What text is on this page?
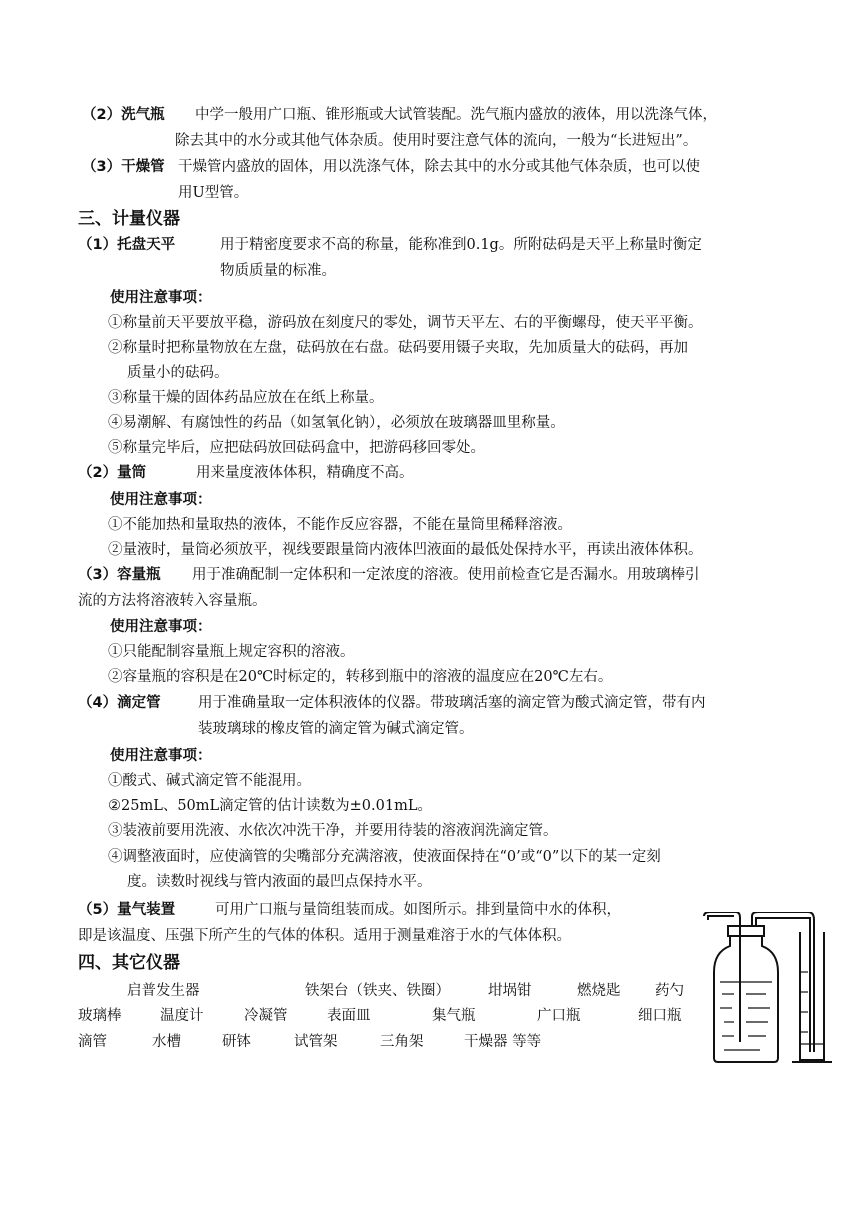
（2）洗气瓶 中学一般用广口瓶、锥形瓶或大试管装配。洗气瓶内盛放的液体，用以洗涤气体，
除去其中的水分或其他气体杂质。使用时要注意气体的流向，一般为“长进短出”。
（3）干燥管 干燥管内盛放的固体，用以洗涤气体，除去其中的水分或其他气体杂质，也可以使
用U型管。
三、计量仪器
（1）托盘天平	用于精密度要求不高的称量，能称准到0.1g。所附砝码是天平上称量时衡定
物质质量的标准。
使用注意事项：
①称量前天平要放平稳，游码放在刻度尺的零处，调节天平左、右的平衡螺母，使天平平衡。
②称量时把称量物放在左盘，砝码放在右盘。砝码要用镊子夹取，先加质量大的砝码，再加
质量小的砝码。
③称量干燥的固体药品应放在在纸上称量。
④易潮解、有腐蚀性的药品（如氢氧化钠），必须放在玻璃器皿里称量。
⑤称量完毕后，应把砝码放回砝码盒中，把游码移回零处。
（2）量筒	用来量度液体体积，精确度不高。
使用注意事项：
①不能加热和量取热的液体，不能作反应容器，不能在量筒里稀释溶液。
②量液时，量筒必须放平，视线要跟量筒内液体凹液面的最低处保持水平，再读出液体体积。
（3）容量瓶 用于准确配制一定体积和一定浓度的溶液。使用前检查它是否漏水。用玻璃棒引
流的方法将溶液转入容量瓶。
使用注意事项：
①只能配制容量瓶上规定容积的溶液。
②容量瓶的容积是在20℃时标定的，转移到瓶中的溶液的温度应在20℃左右。
（4）滴定管	用于准确量取一定体积液体的仪器。带玻璃活塞的滴定管为酸式滴定管，带有内
装玻璃球的橡皮管的滴定管为碱式滴定管。
使用注意事项：
①酸式、碱式滴定管不能混用。
②25mL、50mL滴定管的估计读数为±0.01mL。
③装液前要用洗液、水依次冲洗干净，并要用待装的溶液润洗滴定管。
④调整液面时，应使滴管的尖嘴部分充满溶液，使液面保持在“0’或“0”以下的某一定刻
度。读数时视线与管内液面的最凹点保持水平。
（5）量气装置	可用广口瓶与量筒组装而成。如图所示。排到量筒中水的体积，
即是该温度、压强下所产生的气体的体积。适用于测量难溶于水的气体体积。
四、其它仪器
启普发生器	铁架台（铁夹、铁圈）	坩埚钳	燃烧匙 药勺
玻璃棒	温度计	冷凝管	表面皿	集气瓶	广口瓶	细口瓶
滴管	水槽	研钵	试管架	三角架	干燥器 等等
